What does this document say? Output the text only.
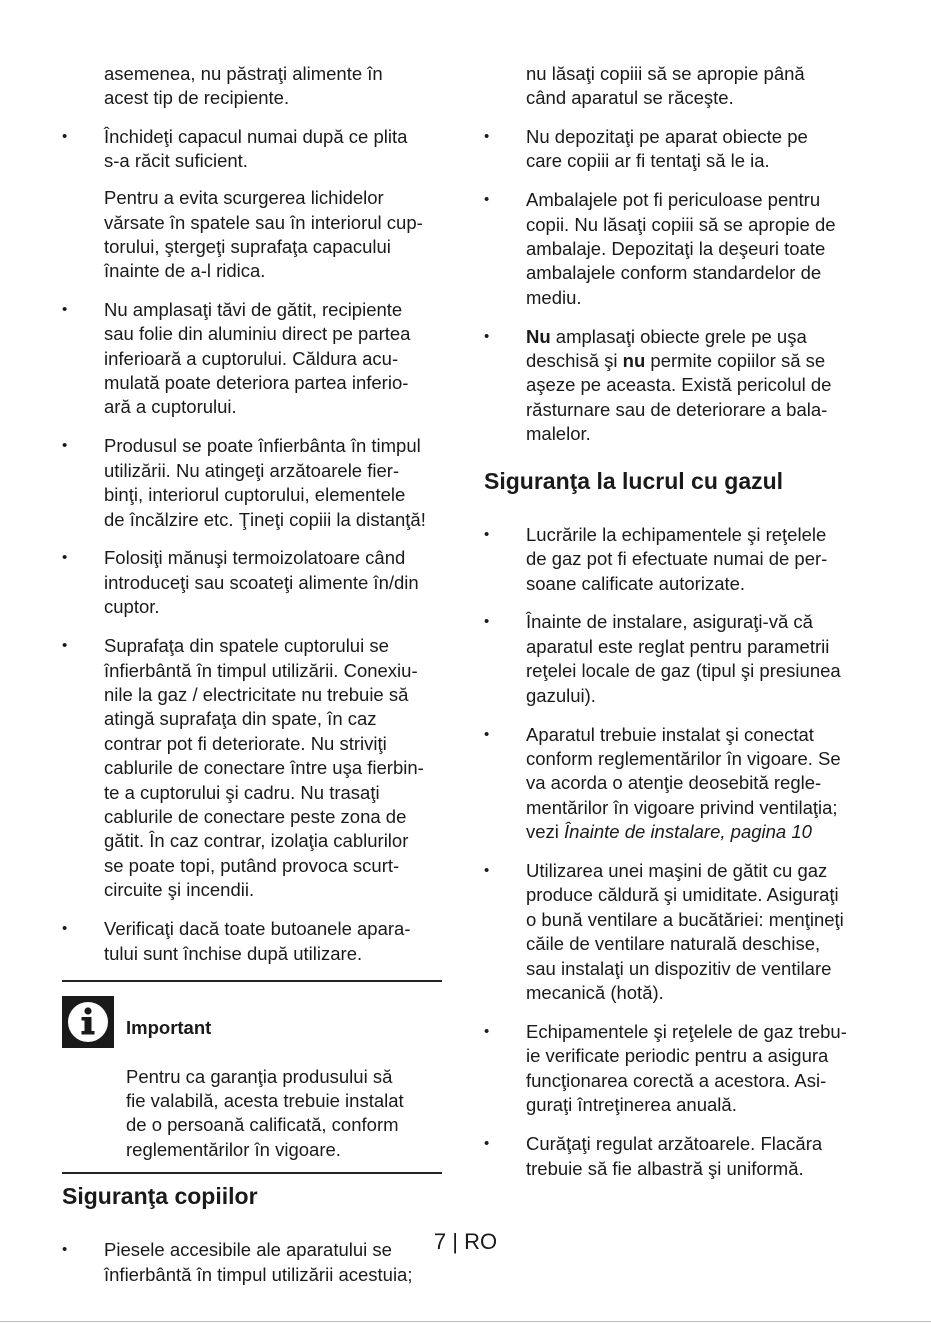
asemenea, nu păstraţi alimente în
acest tip de recipiente.
• Închideţi capacul numai după ce plita
s-a răcit suficient.
Pentru a evita scurgerea lichidelor
vărsate în spatele sau în interiorul cup-
torului, ştergeţi suprafaţa capacului
înainte de a-l ridica.
• Nu amplasaţi tăvi de gătit, recipiente
sau folie din aluminiu direct pe partea
inferioară a cuptorului. Căldura acu-
mulată poate deteriora partea inferio-
ară a cuptorului.
• Produsul se poate înfierbânta în timpul
utilizării. Nu atingeţi arzătoarele fier-
binţi, interiorul cuptorului, elementele
de încălzire etc. Ţineţi copiii la distanţă!
• Folosiţi mănuşi termoizolatoare când
introduceţi sau scoateţi alimente în/din
cuptor.
• Suprafaţa din spatele cuptorului se
înfierbântă în timpul utilizării. Conexiu-
nile la gaz / electricitate nu trebuie să
atingă suprafaţa din spate, în caz
contrar pot fi deteriorate. Nu striviţi
cablurile de conectare între uşa fierbin-
te a cuptorului şi cadru. Nu trasaţi
cablurile de conectare peste zona de
gătit. În caz contrar, izolaţia cablurilor
se poate topi, putând provoca scurt-
circuite şi incendii.
• Verificaţi dacă toate butoanele apara-
tului sunt închise după utilizare.

Important

Pentru ca garanţia produsului să
fie valabilă, acesta trebuie instalat
de o persoană calificată, conform
reglementărilor în vigoare.

Siguranţa copiilor
• Piesele accesibile ale aparatului se
înfierbântă în timpul utilizării acestuia;
nu lăsaţi copiii să se apropie până
când aparatul se răceşte.
• Nu depozitaţi pe aparat obiecte pe
care copiii ar fi tentaţi să le ia.
• Ambalajele pot fi periculoase pentru
copii. Nu lăsaţi copiii să se apropie de
ambalaje. Depozitaţi la deşeuri toate
ambalajele conform standardelor de
mediu.
• Nu amplasaţi obiecte grele pe uşa
deschisă şi nu permite copiilor să se
aşeze pe aceasta. Există pericolul de
răsturnare sau de deteriorare a bala-
malelor.
Siguranţa la lucrul cu gazul
• Lucrările la echipamentele şi reţelele
de gaz pot fi efectuate numai de per-
soane calificate autorizate.
• Înainte de instalare, asiguraţi-vă că
aparatul este reglat pentru parametrii
reţelei locale de gaz (tipul şi presiunea
gazului).
• Aparatul trebuie instalat şi conectat
conform reglementărilor în vigoare. Se
va acorda o atenţie deosebită regle-
mentărilor în vigoare privind ventilaţia;
vezi Înainte de instalare, pagina 10
• Utilizarea unei maşini de gătit cu gaz
produce căldură şi umiditate. Asiguraţi
o bună ventilare a bucătăriei: menţineţi
căile de ventilare naturală deschise,
sau instalaţi un dispozitiv de ventilare
mecanică (hotă).
• Echipamentele şi reţelele de gaz trebu-
ie verificate periodic pentru a asigura
funcţionarea corectă a acestora. Asi-
guraţi întreţinerea anuală.
• Curăţaţi regulat arzătoarele. Flacăra
trebuie să fie albastră şi uniformă.
7 | RO
